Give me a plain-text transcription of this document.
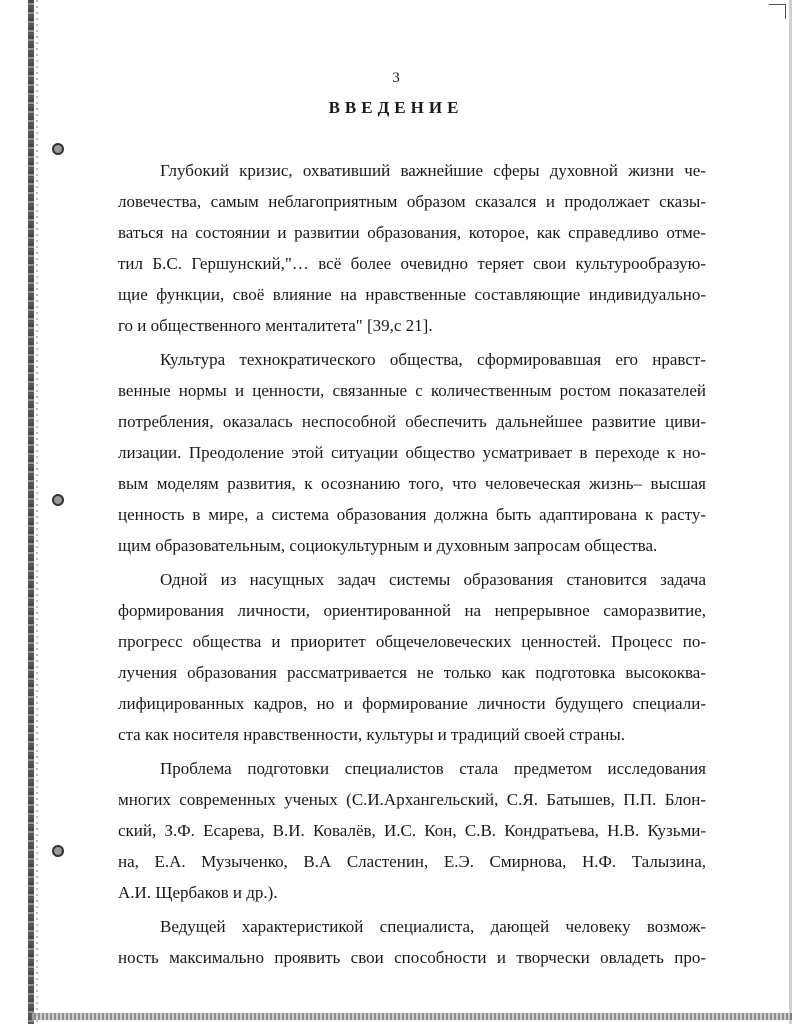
3
ВВЕДЕНИЕ

Глубокий кризис, охвативший важнейшие сферы духовной жизни че-
ловечества, самым неблагоприятным образом сказался и продолжает сказы-
ваться на состоянии и развитии образования, которое, как справедливо отме-
тил Б.С. Гершунский,"… всё более очевидно теряет свои культурообразую-
щие функции, своё влияние на нравственные составляющие индивидуально-
го и общественного менталитета" [39,с 21].

Культура технократического общества, сформировавшая его нравст-
венные нормы и ценности, связанные с количественным ростом показателей
потребления, оказалась неспособной обеспечить дальнейшее развитие циви-
лизации. Преодоление этой ситуации общество усматривает в переходе к но-
вым моделям развития, к осознанию того, что человеческая жизнь– высшая
ценность в мире, а система образования должна быть адаптирована к расту-
щим образовательным, социокультурным и духовным запросам общества.

Одной из насущных задач системы образования становится задача
формирования личности, ориентированной на непрерывное саморазвитие,
прогресс общества и приоритет общечеловеческих ценностей. Процесс по-
лучения образования рассматривается не только как подготовка высококва-
лифицированных кадров, но и формирование личности будущего специали-
ста как носителя нравственности, культуры и традиций своей страны.

Проблема подготовки специалистов стала предметом исследования
многих современных ученых (С.И.Архангельский, С.Я. Батышев, П.П. Блон-
ский, З.Ф. Есарева, В.И. Ковалёв, И.С. Кон, С.В. Кондратьева, Н.В. Кузьми-
на, Е.А. Музыченко, В.А Сластенин, Е.Э. Смирнова, Н.Ф. Талызина,
А.И. Щербаков и др.).

Ведущей характеристикой специалиста, дающей человеку возмож-
ность максимально проявить свои способности и творчески овладеть про-
